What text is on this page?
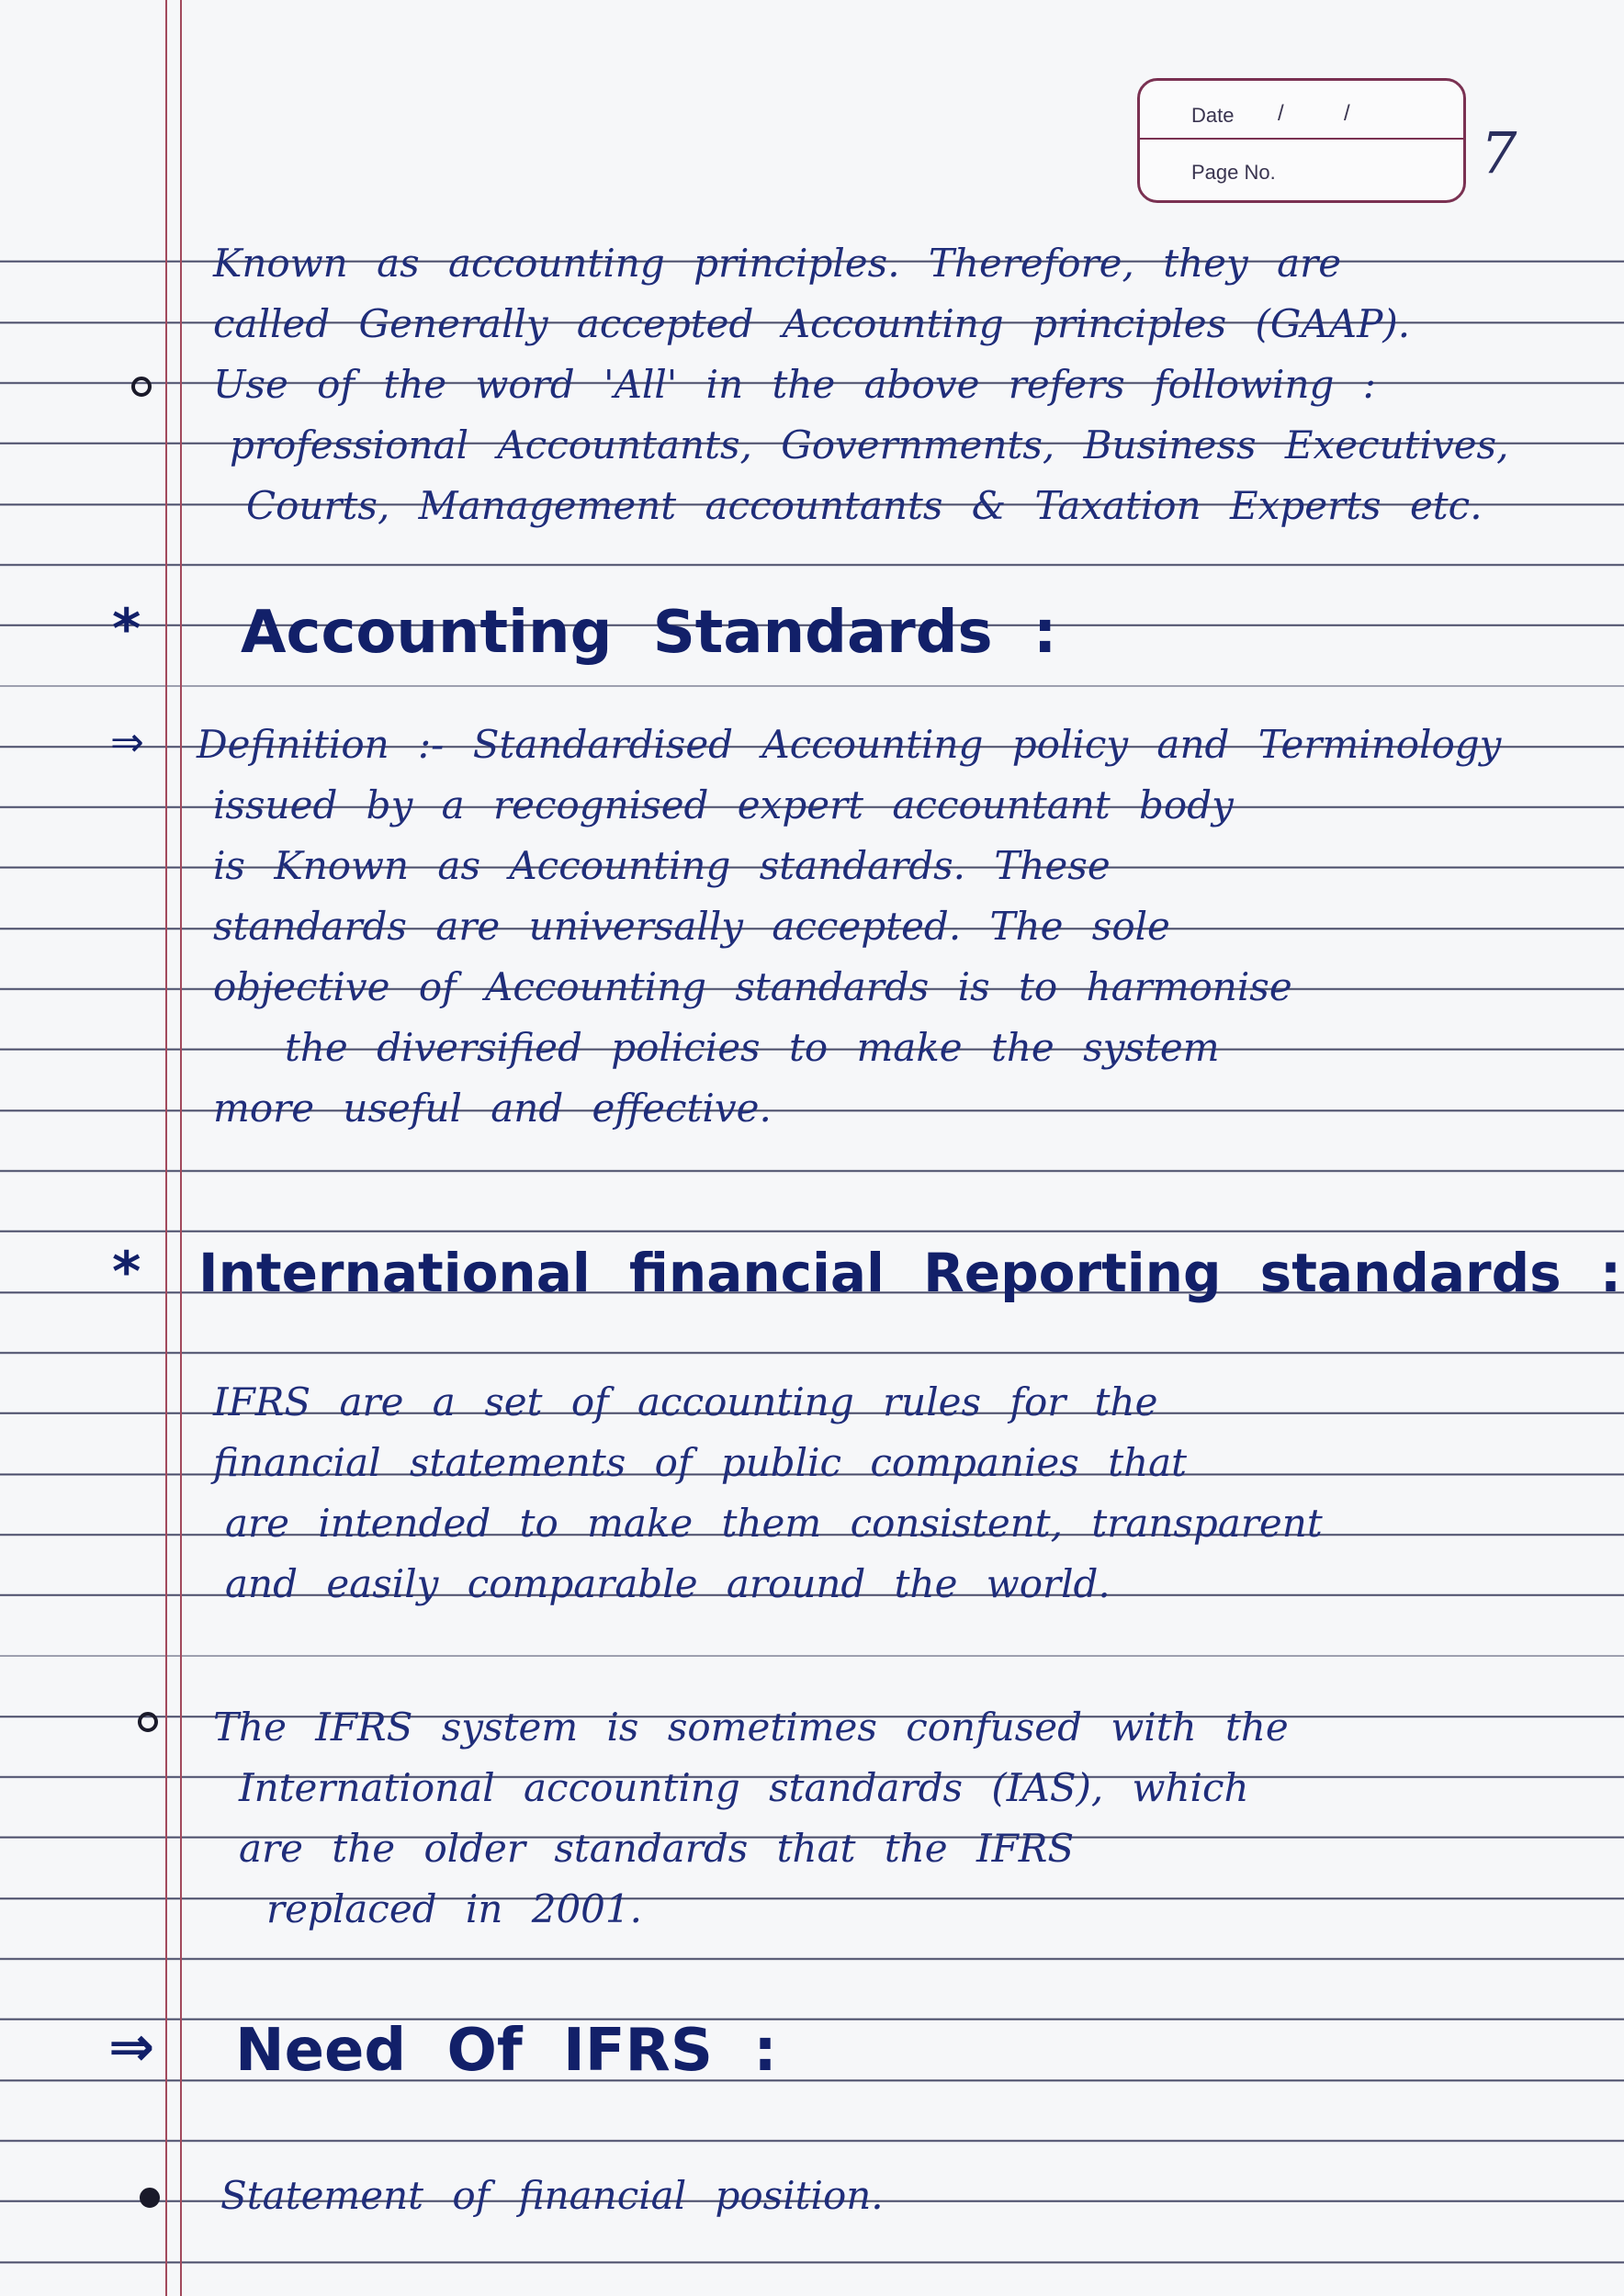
Date /	/
Page No.	7
Known as accounting principles. Therefore, they are
called Generally accepted Accounting principles (GAAP).
Use of the word 'All' in the above refers following :
professional Accountants, Governments, Business Executives,
Courts, Management accountants & Taxation Experts etc.
* Accounting Standards :
⇒ Definition :- Standardised Accounting policy and Terminology
issued by a recognised expert accountant body
is Known as Accounting standards. These
standards are universally accepted. The sole
objective of Accounting standards is to harmonise
the diversified policies to make the system
more useful and effective.
* International financial Reporting standards :
IFRS are a set of accounting rules for the
financial statements of public companies that
are intended to make them consistent, transparent
and easily comparable around the world.
The IFRS system is sometimes confused with the
International accounting standards (IAS), which
are the older standards that the IFRS
replaced in 2001.
⇒ Need Of IFRS :
Statement of financial position.
